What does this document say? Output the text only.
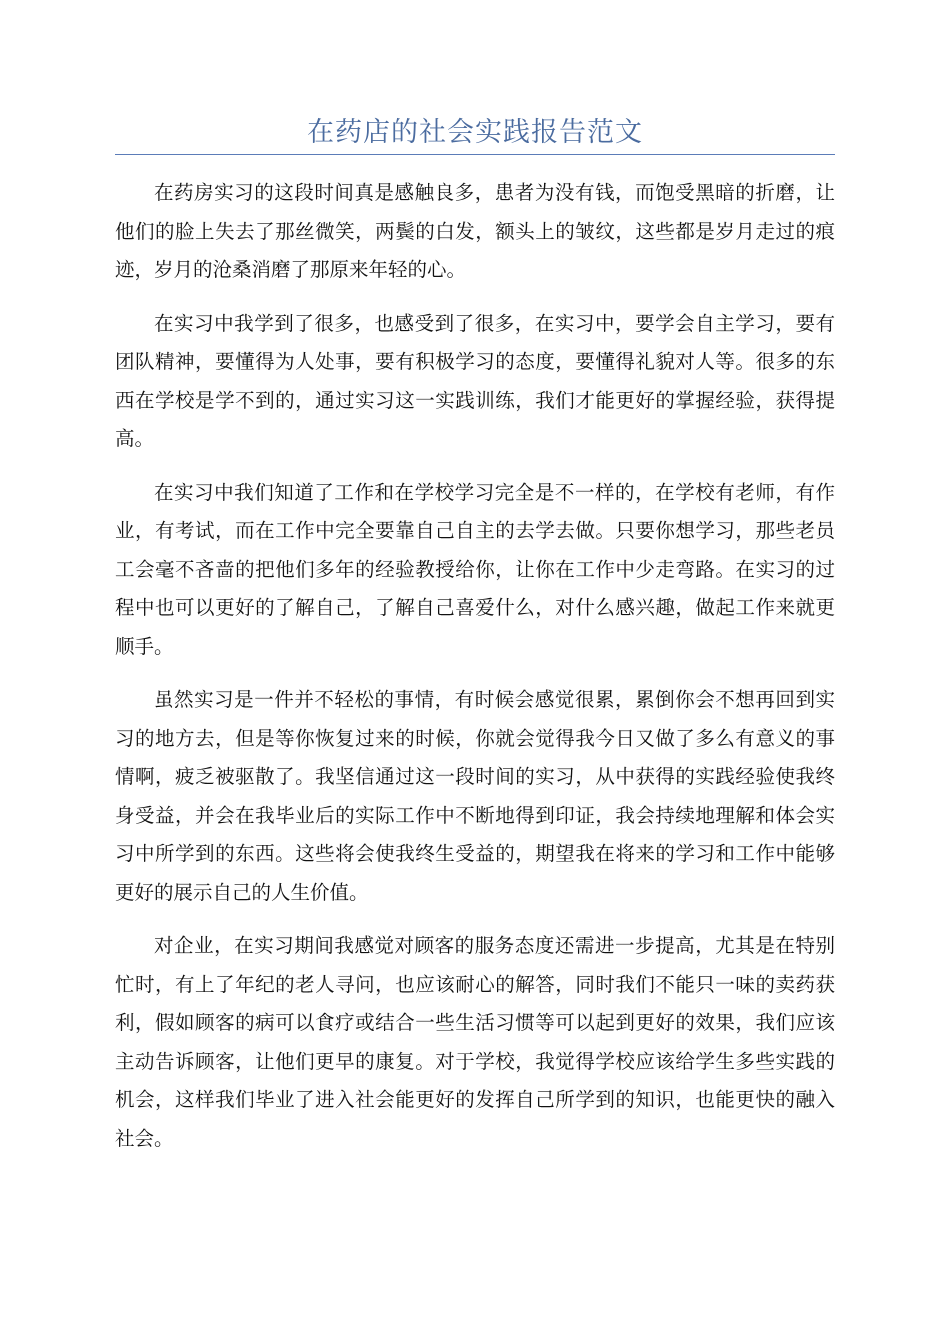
在药店的社会实践报告范文

在药房实习的这段时间真是感触良多，患者为没有钱，而饱受黑暗的折磨，让他们的脸上失去了那丝微笑，两鬓的白发，额头上的皱纹，这些都是岁月走过的痕迹，岁月的沧桑消磨了那原来年轻的心。

在实习中我学到了很多，也感受到了很多，在实习中，要学会自主学习，要有团队精神，要懂得为人处事，要有积极学习的态度，要懂得礼貌对人等。很多的东西在学校是学不到的，通过实习这一实践训练，我们才能更好的掌握经验，获得提高。

在实习中我们知道了工作和在学校学习完全是不一样的，在学校有老师，有作业，有考试，而在工作中完全要靠自己自主的去学去做。只要你想学习，那些老员工会毫不吝啬的把他们多年的经验教授给你，让你在工作中少走弯路。在实习的过程中也可以更好的了解自己，了解自己喜爱什么，对什么感兴趣，做起工作来就更顺手。

虽然实习是一件并不轻松的事情，有时候会感觉很累，累倒你会不想再回到实习的地方去，但是等你恢复过来的时候，你就会觉得我今日又做了多么有意义的事情啊，疲乏被驱散了。我坚信通过这一段时间的实习，从中获得的实践经验使我终身受益，并会在我毕业后的实际工作中不断地得到印证，我会持续地理解和体会实习中所学到的东西。这些将会使我终生受益的，期望我在将来的学习和工作中能够更好的展示自己的人生价值。

对企业，在实习期间我感觉对顾客的服务态度还需进一步提高，尤其是在特别忙时，有上了年纪的老人寻问，也应该耐心的解答，同时我们不能只一味的卖药获利，假如顾客的病可以食疗或结合一些生活习惯等可以起到更好的效果，我们应该主动告诉顾客，让他们更早的康复。对于学校，我觉得学校应该给学生多些实践的机会，这样我们毕业了进入社会能更好的发挥自己所学到的知识，也能更快的融入社会。
